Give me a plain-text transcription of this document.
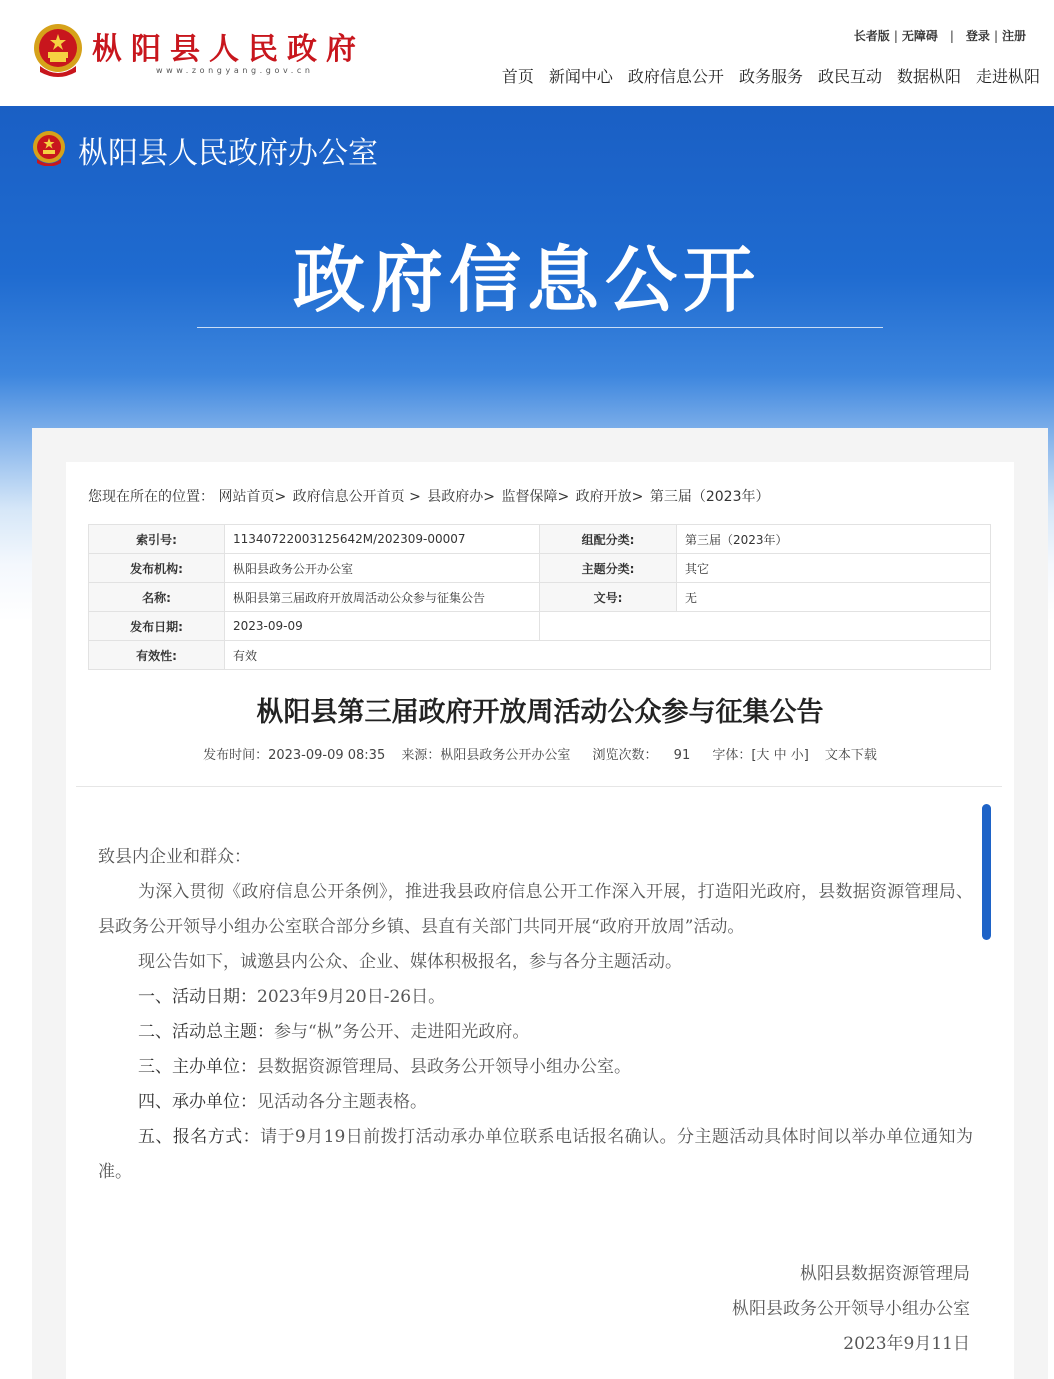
枞阳县人民政府
www.zongyang.gov.cn
长者版 | 无障碍 | 登录 | 注册
首页 新闻中心 政府信息公开 政务服务 政民互动 数据枞阳 走进枞阳
枞阳县人民政府办公室
政府信息公开
您现在所在的位置： 网站首页> 政府信息公开首页 > 县政府办> 监督保障> 政府开放> 第三届（2023年）
索引号:	11340722003125642M/202309-00007	组配分类:	第三届（2023年）
发布机构:	枞阳县政务公开办公室	主题分类:	其它
名称:	枞阳县第三届政府开放周活动公众参与征集公告	文号:	无
发布日期:	2023-09-09		
有效性:	有效		
枞阳县第三届政府开放周活动公众参与征集公告
发布时间：2023-09-09 08:35 来源：枞阳县政务公开办公室 浏览次数： 91 字体：[大 中 小] 文本下载

致县内企业和群众：

为深入贯彻《政府信息公开条例》，推进我县政府信息公开工作深入开展，打造阳光政府，县数据资源管理局、县政务公开领导小组办公室联合部分乡镇、县直有关部门共同开展“政府开放周”活动。

现公告如下，诚邀县内公众、企业、媒体积极报名，参与各分主题活动。

一、活动日期：2023年9月20日-26日。

二、活动总主题：参与“枞”务公开、走进阳光政府。

三、主办单位：县数据资源管理局、县政务公开领导小组办公室。

四、承办单位：见活动各分主题表格。

五、报名方式：请于9月19日前拨打活动承办单位联系电话报名确认。分主题活动具体时间以举办单位通知为准。

枞阳县数据资源管理局
枞阳县政务公开领导小组办公室
2023年9月11日
